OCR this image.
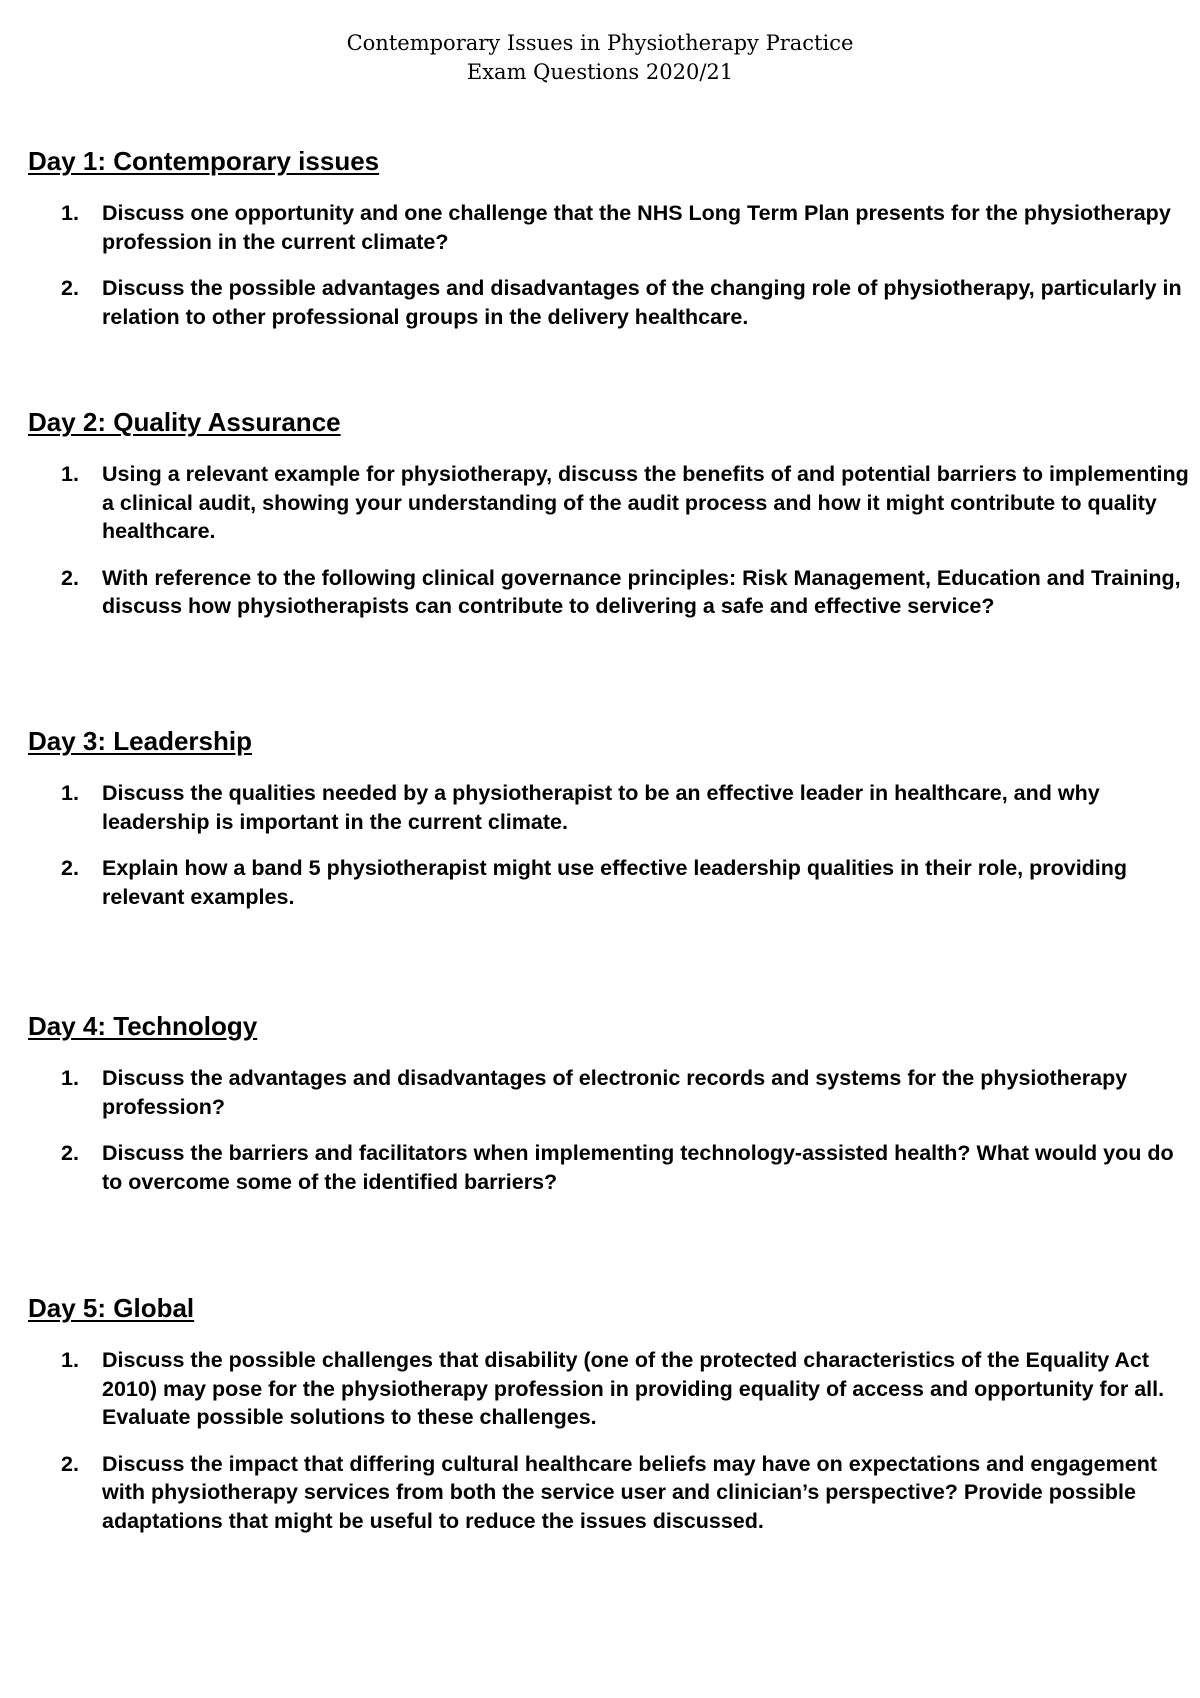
Contemporary Issues in Physiotherapy Practice
Exam Questions 2020/21
Day 1: Contemporary issues
1. Discuss one opportunity and one challenge that the NHS Long Term Plan presents for the physiotherapy profession in the current climate?
2. Discuss the possible advantages and disadvantages of the changing role of physiotherapy, particularly in relation to other professional groups in the delivery healthcare.
Day 2: Quality Assurance
1. Using a relevant example for physiotherapy, discuss the benefits of and potential barriers to implementing a clinical audit, showing your understanding of the audit process and how it might contribute to quality healthcare.
2. With reference to the following clinical governance principles: Risk Management, Education and Training, discuss how physiotherapists can contribute to delivering a safe and effective service?
Day 3: Leadership
1. Discuss the qualities needed by a physiotherapist to be an effective leader in healthcare, and why leadership is important in the current climate.
2. Explain how a band 5 physiotherapist might use effective leadership qualities in their role, providing relevant examples.
Day 4: Technology
1. Discuss the advantages and disadvantages of electronic records and systems for the physiotherapy profession?
2. Discuss the barriers and facilitators when implementing technology-assisted health? What would you do to overcome some of the identified barriers?
Day 5: Global
1. Discuss the possible challenges that disability (one of the protected characteristics of the Equality Act 2010) may pose for the physiotherapy profession in providing equality of access and opportunity for all. Evaluate possible solutions to these challenges.
2. Discuss the impact that differing cultural healthcare beliefs may have on expectations and engagement with physiotherapy services from both the service user and clinician’s perspective? Provide possible adaptations that might be useful to reduce the issues discussed.
